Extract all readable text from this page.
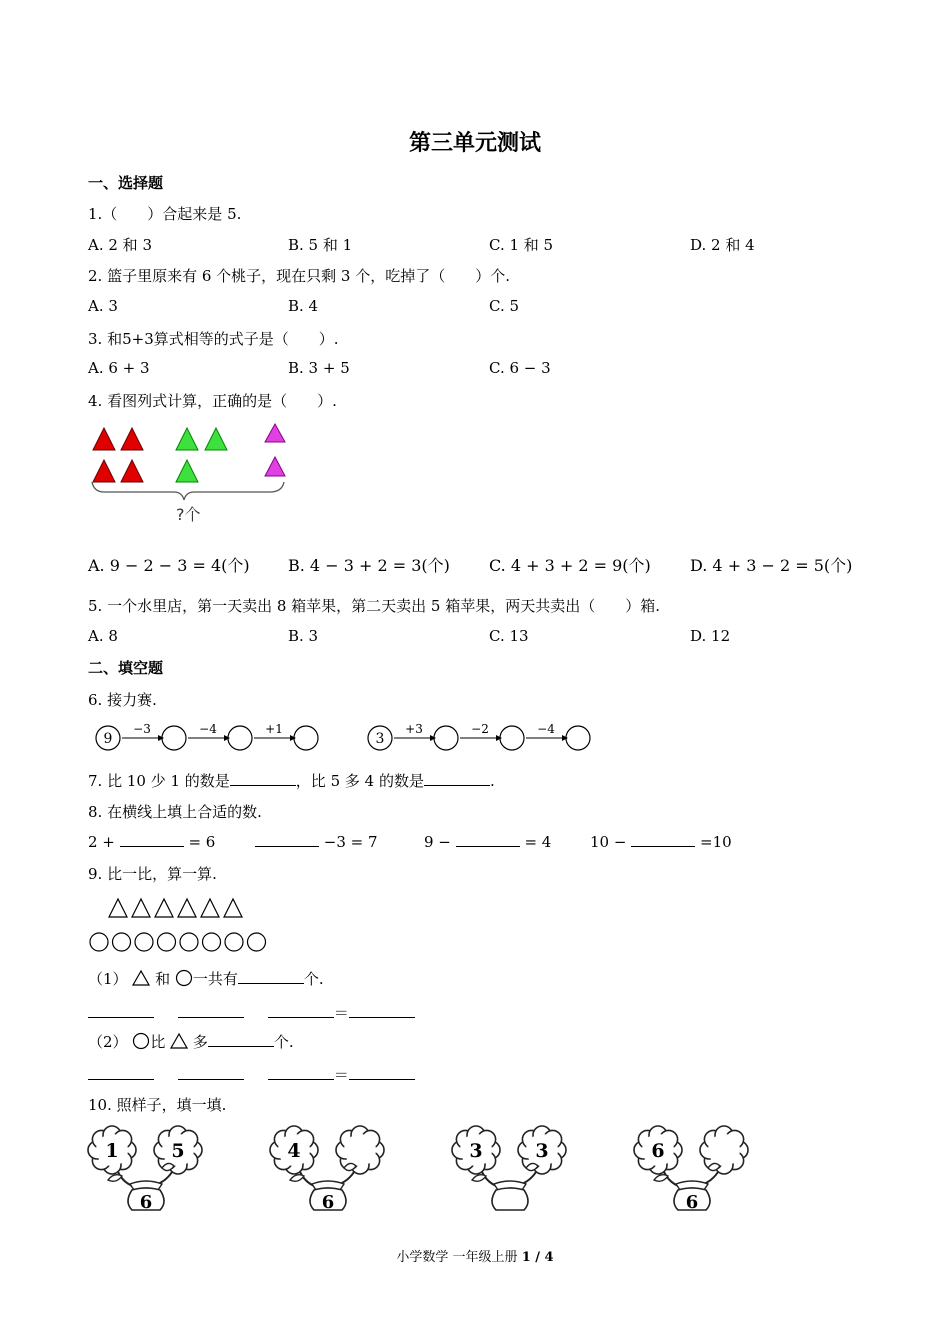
第三单元测试
一、选择题
1.（　　）合起来是 5.
A. 2 和 3	B. 5 和 1	C. 1 和 5	D. 2 和 4
2. 篮子里原来有 6 个桃子，现在只剩 3 个，吃掉了（　　）个.
A. 3	B. 4	C. 5
3. 和5+3算式相等的式子是（　　）.
A. 6 + 3	B. 3 + 5	C. 6 − 3
4. 看图列式计算，正确的是（　　）.
?个
A. 9 − 2 − 3 = 4(个) B. 4 − 3 + 2 = 3(个) C. 4 + 3 + 2 = 9(个) D. 4 + 3 − 2 = 5(个)
5. 一个水里店，第一天卖出 8 箱苹果，第二天卖出 5 箱苹果，两天共卖出（　　）箱.
A. 8	B. 3	C. 13	D. 12
二、填空题
6. 接力赛.
9
−3	−4	+1
3
+3	−2	−4
7. 比 10 少 1 的数是	，比 5 多 4 的数是	.
8. 在横线上填上合适的数.
2 +	= 6	−3 = 7	9 −	= 4	10 −	=10
9. 比一比，算一算.
（1） 和 一共有	个.
＝
（2） 比  多	个.
＝
10. 照样子，填一填.
1	5
6
4
6
3	3	6
6
小学数学 一年级上册 1 / 4
